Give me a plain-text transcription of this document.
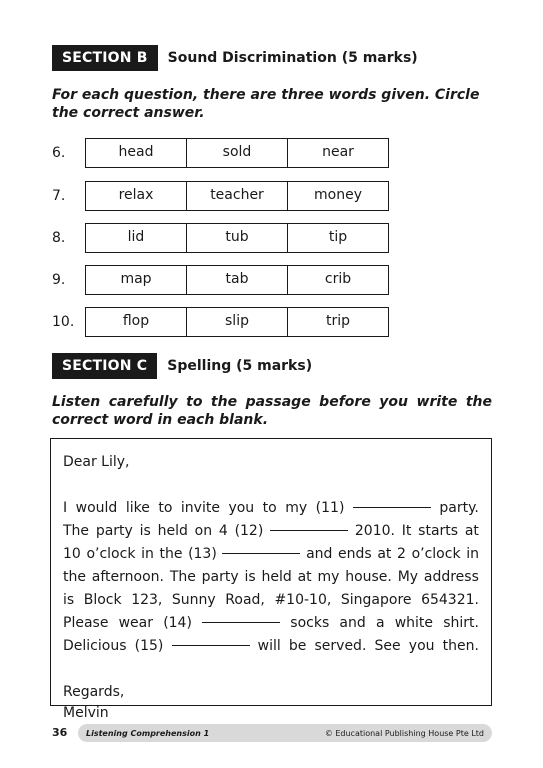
SECTION B	Sound Discrimination (5 marks)
For each question, there are three words given. Circle the correct answer.
6.	head	sold	near
7.	relax	teacher	money
8.	lid	tub	tip
9.	map	tab	crib
10.	flop	slip	trip
SECTION C	Spelling (5 marks)
Listen carefully to the passage before you write the correct word in each blank.

Dear Lily,

I would like to invite you to my (11)	party.
The party is held on 4 (12)	2010. It starts at
10 o’clock in the (13)	and ends at 2 o’clock in
the afternoon. The party is held at my house. My address
is Block 123, Sunny Road, #10-10, Singapore 654321.
Please wear (14)	socks and a white shirt.
Delicious (15)	will be served. See you then.

Regards,

Melvin

36 Listening Comprehension 1	© Educational Publishing House Pte Ltd
